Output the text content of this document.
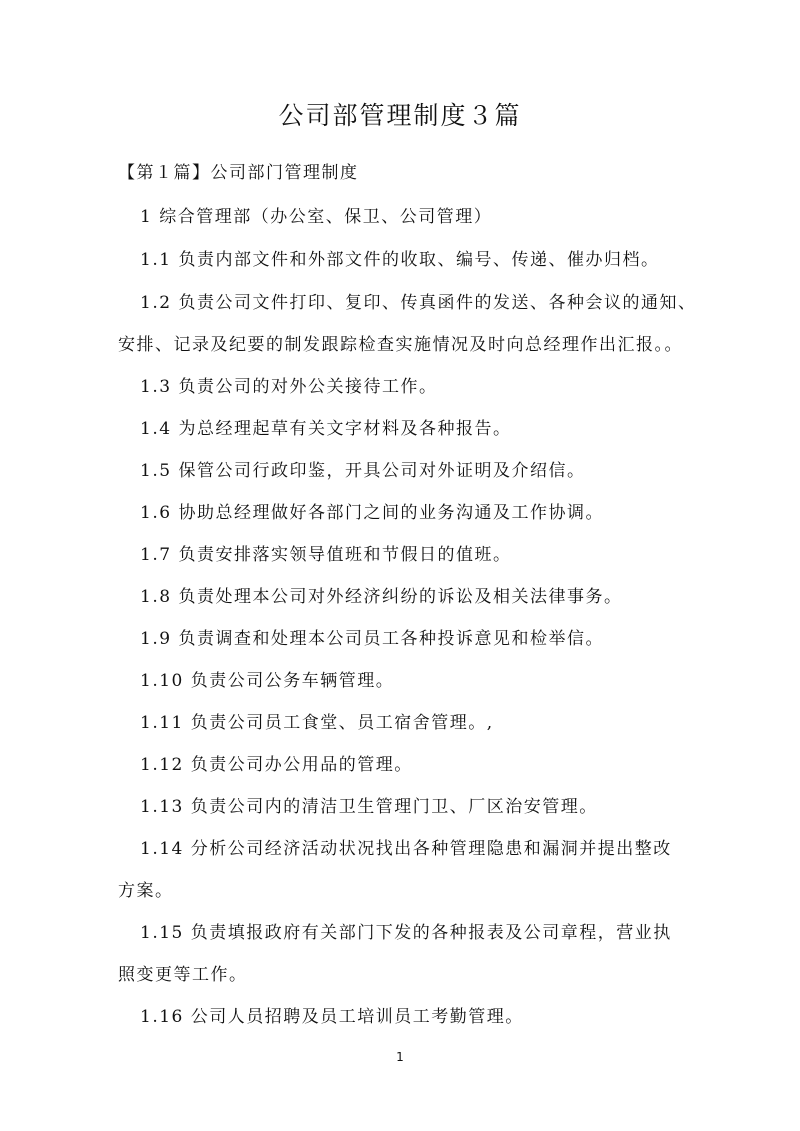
公司部管理制度３篇

【第１篇】公司部门管理制度

1 综合管理部（办公室、保卫、公司管理）

1.1 负责内部文件和外部文件的收取、编号、传递、催办归档。

1.2 负责公司文件打印、复印、传真函件的发送、各种会议的通知、

安排、记录及纪要的制发跟踪检查实施情况及时向总经理作出汇报。。

1.3 负责公司的对外公关接待工作。

1.4 为总经理起草有关文字材料及各种报告。

1.5 保管公司行政印鉴，开具公司对外证明及介绍信。

1.6 协助总经理做好各部门之间的业务沟通及工作协调。

1.7 负责安排落实领导值班和节假日的值班。

1.8 负责处理本公司对外经济纠纷的诉讼及相关法律事务。

1.9 负责调查和处理本公司员工各种投诉意见和检举信。

1.10 负责公司公务车辆管理。

1.11 负责公司员工食堂、员工宿舍管理。,

1.12 负责公司办公用品的管理。

1.13 负责公司内的清洁卫生管理门卫、厂区治安管理。

1.14 分析公司经济活动状况找出各种管理隐患和漏洞并提出整改

方案。

1.15 负责填报政府有关部门下发的各种报表及公司章程，营业执

照变更等工作。

1.16 公司人员招聘及员工培训员工考勤管理。

1
